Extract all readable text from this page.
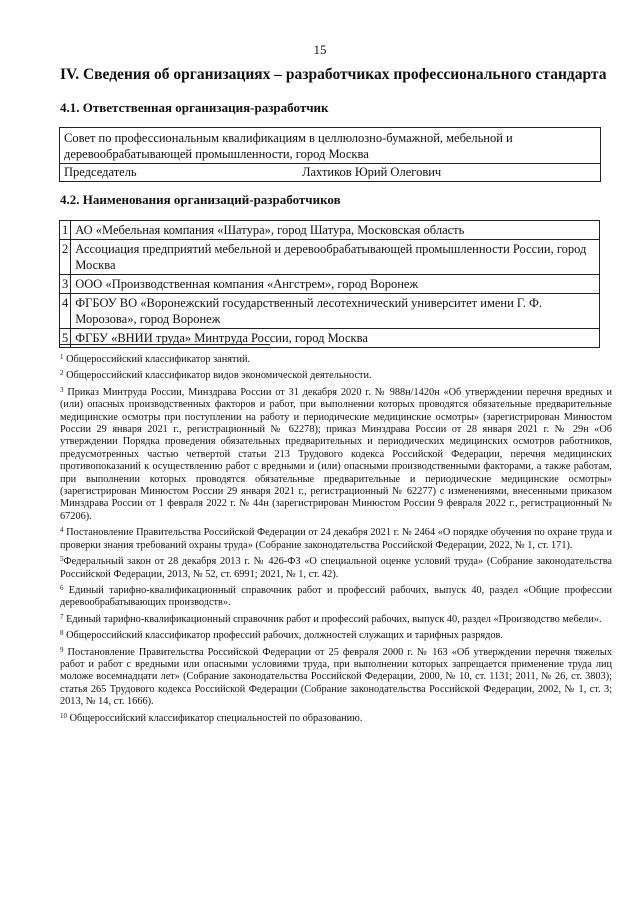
15
IV. Сведения об организациях – разработчиках профессионального стандарта
4.1. Ответственная организация-разработчик
Совет по профессиональным квалификациям в целлюлозно-бумажной, мебельной и деревообрабатывающей промышленности, город Москва
Председатель	Лахтиков Юрий Олегович
4.2. Наименования организаций-разработчиков
1	АО «Мебельная компания «Шатура», город Шатура, Московская область
2	Ассоциация предприятий мебельной и деревообрабатывающей промышленности России, город Москва
3	ООО «Производственная компания «Ангстрем», город Воронеж
4	ФГБОУ ВО «Воронежский государственный лесотехнический университет имени Г. Ф. Морозова», город Воронеж
5	ФГБУ «ВНИИ труда» Минтруда России, город Москва

$^1$ Общероссийский классификатор занятий.

$^2$ Общероссийский классификатор видов экономической деятельности.

$^3$ Приказ Минтруда России, Минздрава России от 31 декабря 2020 г. № 988н/1420н «Об утверждении перечня вредных и (или) опасных производственных факторов и работ, при выполнении которых проводятся обязательные предварительные медицинские осмотры при поступлении на работу и периодические медицинские осмотры» (зарегистрирован Минюстом России 29 января 2021 г., регистрационный № 62278); приказ Минздрава России от 28 января 2021 г. № 29н «Об утверждении Порядка проведения обязательных предварительных и периодических медицинских осмотров работников, предусмотренных частью четвертой статьи 213 Трудового кодекса Российской Федерации, перечня медицинских противопоказаний к осуществлению работ с вредными и (или) опасными производственными факторами, а также работам, при выполнении которых проводятся обязательные предварительные и периодические медицинские осмотры» (зарегистрирован Минюстом России 29 января 2021 г., регистрационный № 62277) с изменениями, внесенными приказом Минздрава России от 1 февраля 2022 г. № 44н (зарегистрирован Минюстом России 9 февраля 2022 г., регистрационный № 67206).

$^4$ Постановление Правительства Российской Федерации от 24 декабря 2021 г. № 2464 «О порядке обучения по охране труда и проверки знания требований охраны труда» (Собрание законодательства Российской Федерации, 2022, № 1, ст. 171).

$^5$Федеральный закон от 28 декабря 2013 г. № 426-ФЗ «О специальной оценке условий труда» (Собрание законодательства Российской Федерации, 2013, № 52, ст. 6991; 2021, № 1, ст. 42).

$^6$ Единый тарифно-квалификационный справочник работ и профессий рабочих, выпуск 40, раздел «Общие профессии деревообрабатывающих производств».

$^7$ Единый тарифно-квалификационный справочник работ и профессий рабочих, выпуск 40, раздел «Производство мебели».

$^8$ Общероссийский классификатор профессий рабочих, должностей служащих и тарифных разрядов.

$^9$ Постановление Правительства Российской Федерации от 25 февраля 2000 г. № 163 «Об утверждении перечня тяжелых работ и работ с вредными или опасными условиями труда, при выполнении которых запрещается применение труда лиц моложе восемнадцати лет» (Собрание законодательства Российской Федерации, 2000, № 10, ст. 1131; 2011, № 26, ст. 3803); статья 265 Трудового кодекса Российской Федерации (Собрание законодательства Российской Федерации, 2002, № 1, ст. 3; 2013, № 14, ст. 1666).

$^{10}$ Общероссийский классификатор специальностей по образованию.
